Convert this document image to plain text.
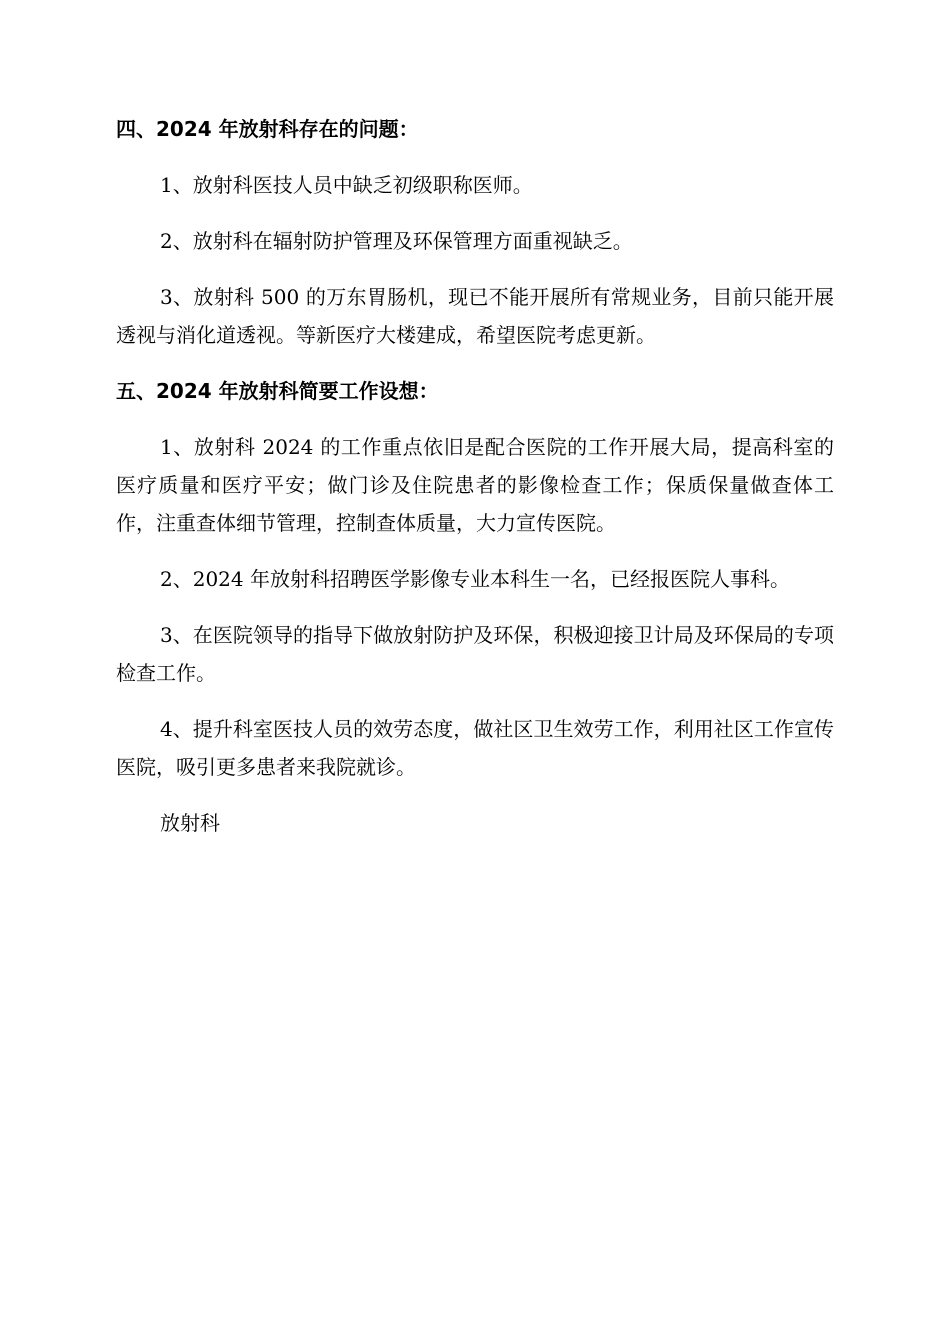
四、2024 年放射科存在的问题：

1、放射科医技人员中缺乏初级职称医师。

2、放射科在辐射防护管理及环保管理方面重视缺乏。

3、放射科 500 的万东胃肠机，现已不能开展所有常规业务，目前只能开展透视与消化道透视。等新医疗大楼建成，希望医院考虑更新。

五、2024 年放射科简要工作设想：

1、放射科 2024 的工作重点依旧是配合医院的工作开展大局，提高科室的医疗质量和医疗平安；做门诊及住院患者的影像检查工作；保质保量做查体工作，注重查体细节管理，控制查体质量，大力宣传医院。

2、2024 年放射科招聘医学影像专业本科生一名，已经报医院人事科。

3、在医院领导的指导下做放射防护及环保，积极迎接卫计局及环保局的专项检查工作。

4、提升科室医技人员的效劳态度，做社区卫生效劳工作，利用社区工作宣传医院，吸引更多患者来我院就诊。

放射科
